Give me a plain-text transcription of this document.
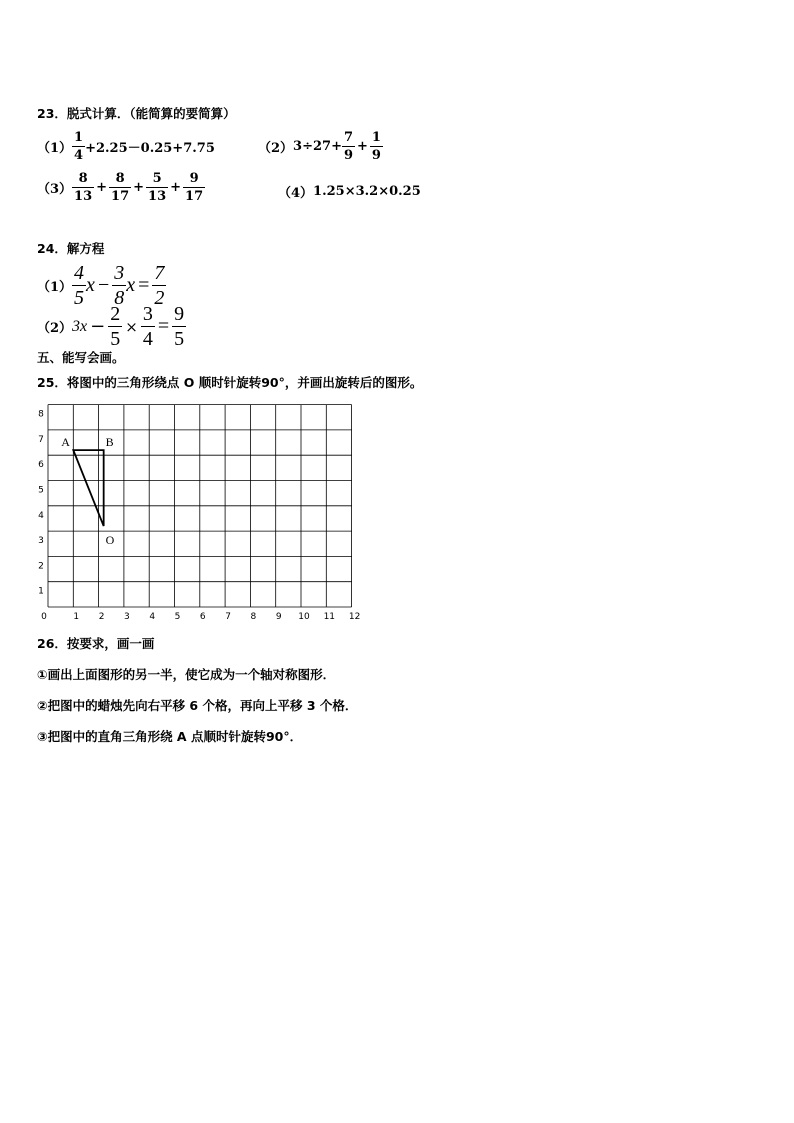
23．脱式计算．（能简算的要简算）
$(1) \frac{1}{4} +2.25-0.25+7.75$	（2） $3\div 27+ \frac{7}{9} + \frac{1}{9}$
$(3) \frac{8}{13} + \frac{8}{17} + \frac{5}{13} + \frac{9}{17}$	（4） 1.25×3.2×0.25
24．解方程
$(1) \frac{4}{5}$ $x - \frac{3}{8}$ $x = \frac{7}{2}$
（2） $3x - \frac{2}{5} \times \frac{3}{4} = \frac{9}{5}$
五、能写会画。
25．将图中的三角形绕点 O 顺时针旋转90°，并画出旋转后的图形。
0	1 2 3 4 5 6 7 8 9 10 11 12
1
2
3
4
5
6
7
8
A	B
O
26．按要求，画一画
①画出上面图形的另一半，使它成为一个轴对称图形．
②把图中的蜡烛先向右平移 6 个格，再向上平移 3 个格．
③把图中的直角三角形绕 A 点顺时针旋转90°．
